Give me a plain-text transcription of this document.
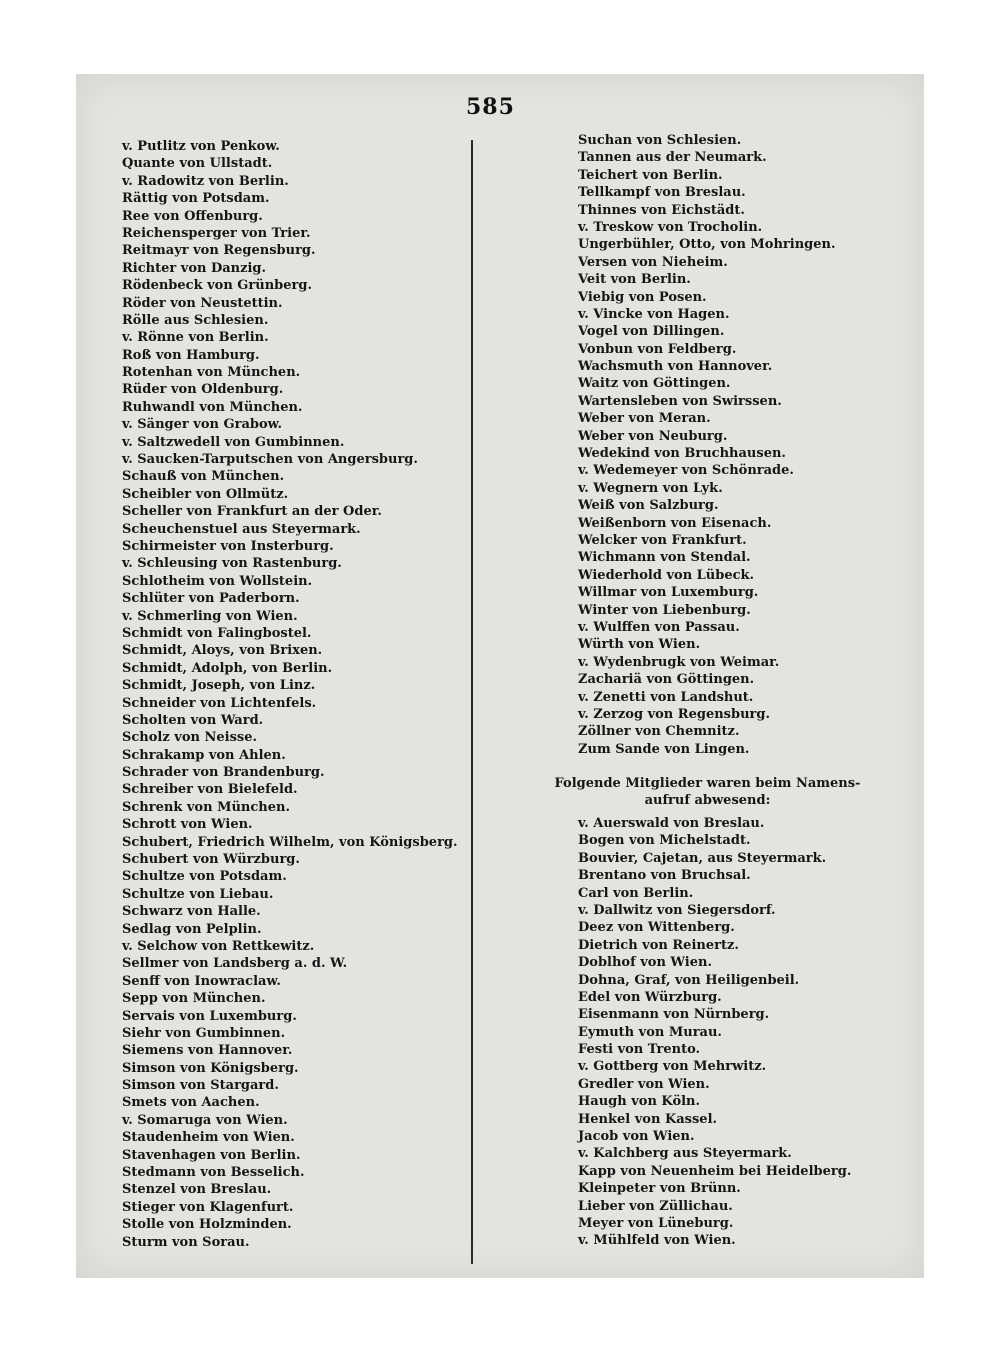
585
v. Putlitz von Penkow.
Quante von Ullstadt.
v. Radowitz von Berlin.
Rättig von Potsdam.
Ree von Offenburg.
Reichensperger von Trier.
Reitmayr von Regensburg.
Richter von Danzig.
Rödenbeck von Grünberg.
Röder von Neustettin.
Rölle aus Schlesien.
v. Rönne von Berlin.
Roß von Hamburg.
Rotenhan von München.
Rüder von Oldenburg.
Ruhwandl von München.
v. Sänger von Grabow.
v. Saltzwedell von Gumbinnen.
v. Saucken-Tarputschen von Angersburg.
Schauß von München.
Scheibler von Ollmütz.
Scheller von Frankfurt an der Oder.
Scheuchenstuel aus Steyermark.
Schirmeister von Insterburg.
v. Schleusing von Rastenburg.
Schlotheim von Wollstein.
Schlüter von Paderborn.
v. Schmerling von Wien.
Schmidt von Falingbostel.
Schmidt, Aloys, von Brixen.
Schmidt, Adolph, von Berlin.
Schmidt, Joseph, von Linz.
Schneider von Lichtenfels.
Scholten von Ward.
Scholz von Neisse.
Schrakamp von Ahlen.
Schrader von Brandenburg.
Schreiber von Bielefeld.
Schrenk von München.
Schrott von Wien.
Schubert, Friedrich Wilhelm, von Königsberg.
Schubert von Würzburg.
Schultze von Potsdam.
Schultze von Liebau.
Schwarz von Halle.
Sedlag von Pelplin.
v. Selchow von Rettkewitz.
Sellmer von Landsberg a. d. W.
Senff von Inowraclaw.
Sepp von München.
Servais von Luxemburg.
Siehr von Gumbinnen.
Siemens von Hannover.
Simson von Königsberg.
Simson von Stargard.
Smets von Aachen.
v. Somaruga von Wien.
Staudenheim von Wien.
Stavenhagen von Berlin.
Stedmann von Besselich.
Stenzel von Breslau.
Stieger von Klagenfurt.
Stolle von Holzminden.
Sturm von Sorau.
Suchan von Schlesien.
Tannen aus der Neumark.
Teichert von Berlin.
Tellkampf von Breslau.
Thinnes von Eichstädt.
v. Treskow von Trocholin.
Ungerbühler, Otto, von Mohringen.
Versen von Nieheim.
Veit von Berlin.
Viebig von Posen.
v. Vincke von Hagen.
Vogel von Dillingen.
Vonbun von Feldberg.
Wachsmuth von Hannover.
Waitz von Göttingen.
Wartensleben von Swirssen.
Weber von Meran.
Weber von Neuburg.
Wedekind von Bruchhausen.
v. Wedemeyer von Schönrade.
v. Wegnern von Lyk.
Weiß von Salzburg.
Weißenborn von Eisenach.
Welcker von Frankfurt.
Wichmann von Stendal.
Wiederhold von Lübeck.
Willmar von Luxemburg.
Winter von Liebenburg.
v. Wulffen von Passau.
Würth von Wien.
v. Wydenbrugk von Weimar.
Zachariä von Göttingen.
v. Zenetti von Landshut.
v. Zerzog von Regensburg.
Zöllner von Chemnitz.
Zum Sande von Lingen.
Folgende Mitglieder waren beim Namens-
aufruf abwesend:
v. Auerswald von Breslau.
Bogen von Michelstadt.
Bouvier, Cajetan, aus Steyermark.
Brentano von Bruchsal.
Carl von Berlin.
v. Dallwitz von Siegersdorf.
Deez von Wittenberg.
Dietrich von Reinertz.
Doblhof von Wien.
Dohna, Graf, von Heiligenbeil.
Edel von Würzburg.
Eisenmann von Nürnberg.
Eymuth von Murau.
Festi von Trento.
v. Gottberg von Mehrwitz.
Gredler von Wien.
Haugh von Köln.
Henkel von Kassel.
Jacob von Wien.
v. Kalchberg aus Steyermark.
Kapp von Neuenheim bei Heidelberg.
Kleinpeter von Brünn.
Lieber von Züllichau.
Meyer von Lüneburg.
v. Mühlfeld von Wien.
